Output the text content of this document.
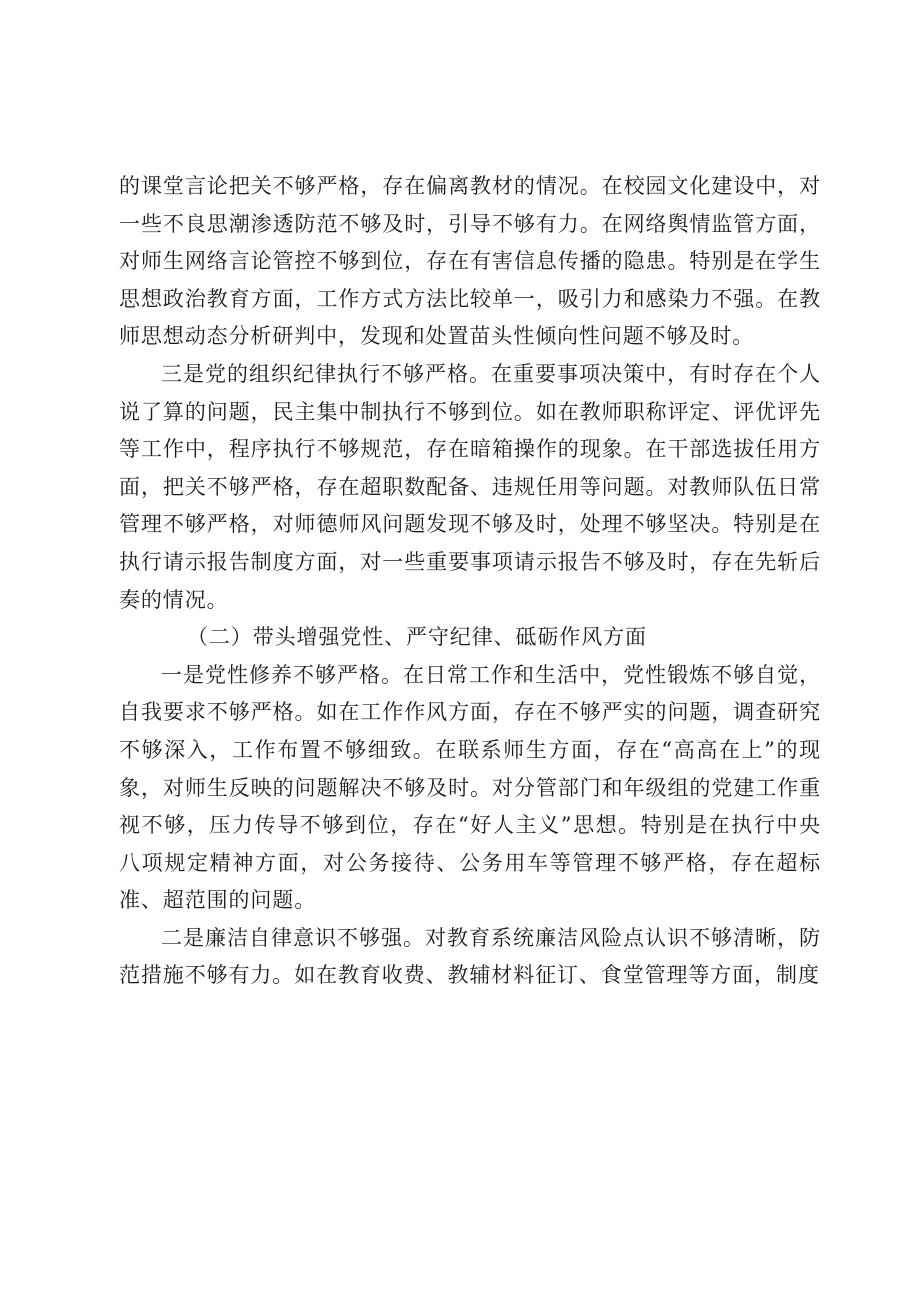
的课堂言论把关不够严格，存在偏离教材的情况。在校园文化建设中，对一些不良思潮渗透防范不够及时，引导不够有力。在网络舆情监管方面，对师生网络言论管控不够到位，存在有害信息传播的隐患。特别是在学生思想政治教育方面，工作方式方法比较单一，吸引力和感染力不强。在教师思想动态分析研判中，发现和处置苗头性倾向性问题不够及时。

三是党的组织纪律执行不够严格。在重要事项决策中，有时存在个人说了算的问题，民主集中制执行不够到位。如在教师职称评定、评优评先等工作中，程序执行不够规范，存在暗箱操作的现象。在干部选拔任用方面，把关不够严格，存在超职数配备、违规任用等问题。对教师队伍日常管理不够严格，对师德师风问题发现不够及时，处理不够坚决。特别是在执行请示报告制度方面，对一些重要事项请示报告不够及时，存在先斩后奏的情况。

（二）带头增强党性、严守纪律、砥砺作风方面

一是党性修养不够严格。在日常工作和生活中，党性锻炼不够自觉，自我要求不够严格。如在工作作风方面，存在不够严实的问题，调查研究不够深入，工作布置不够细致。在联系师生方面，存在“高高在上”的现象，对师生反映的问题解决不够及时。对分管部门和年级组的党建工作重视不够，压力传导不够到位，存在“好人主义”思想。特别是在执行中央八项规定精神方面，对公务接待、公务用车等管理不够严格，存在超标准、超范围的问题。

二是廉洁自律意识不够强。对教育系统廉洁风险点认识不够清晰，防范措施不够有力。如在教育收费、教辅材料征订、食堂管理等方面，制度
